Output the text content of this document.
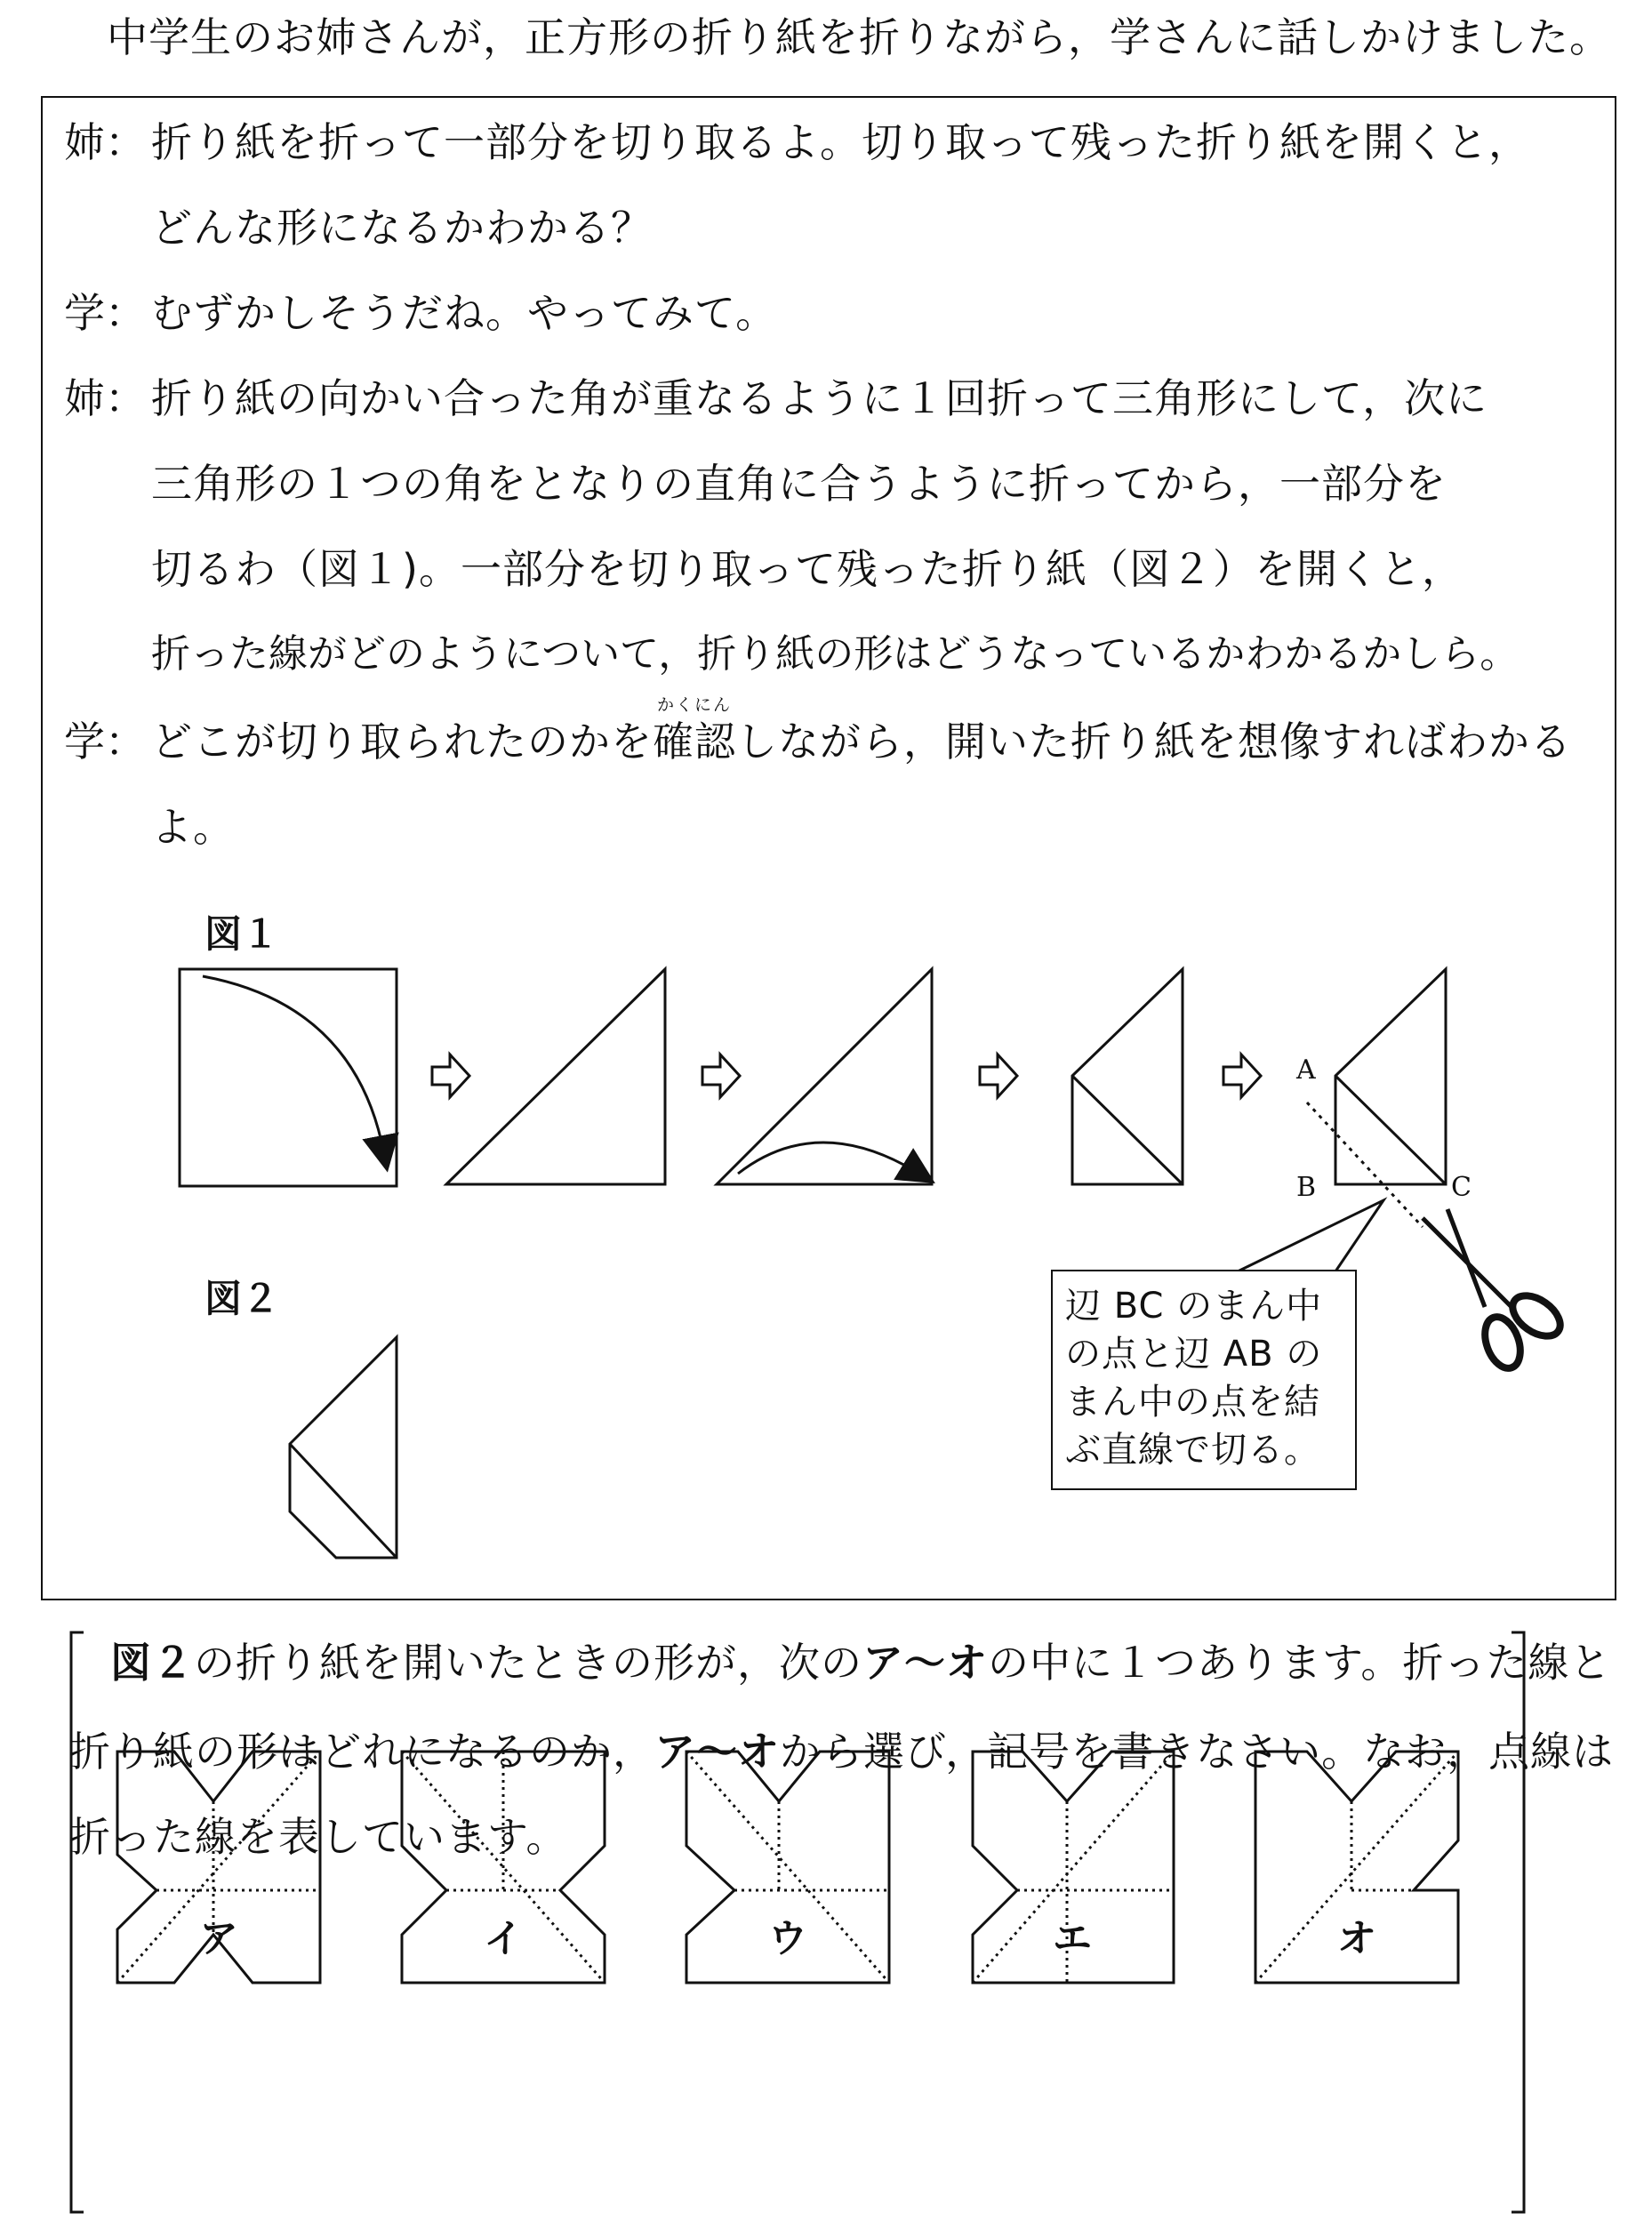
中学生のお姉さんが，正方形の折り紙を折りながら，学さんに話しかけました。
姉 ： 折り紙を折って一部分を切り取るよ。切り取って残った折り紙を開くと，
どんな形になるかわかる？
学 ： むずかしそうだね。やってみて。
姉 ： 折り紙の向かい合った角が重なるように１回折って三角形にして，次に
三角形の１つの角をとなりの直角に合うように折ってから，一部分を
切るわ（図１)。一部分を切り取って残った折り紙（図２）を開くと，
折った線がどのようについて，折り紙の形はどうなっているかわかるかしら。
学 ： どこが切り取られたのかを
かくにん
確認しながら，開いた折り紙を想像すればわかる
よ。
図１
図２
A
B	C
辺 BC のまん中
の点と辺 AB の
まん中の点を結
ぶ直線で切る。
図２の折り紙を開いたときの形が，次のア～オの中に１つあります。折った線と
折り紙の形はどれになるのか，ア～オから選び，記号を書きなさい。なお，点線は
折った線を表しています。
ア	イ	ウ	エ	オ
